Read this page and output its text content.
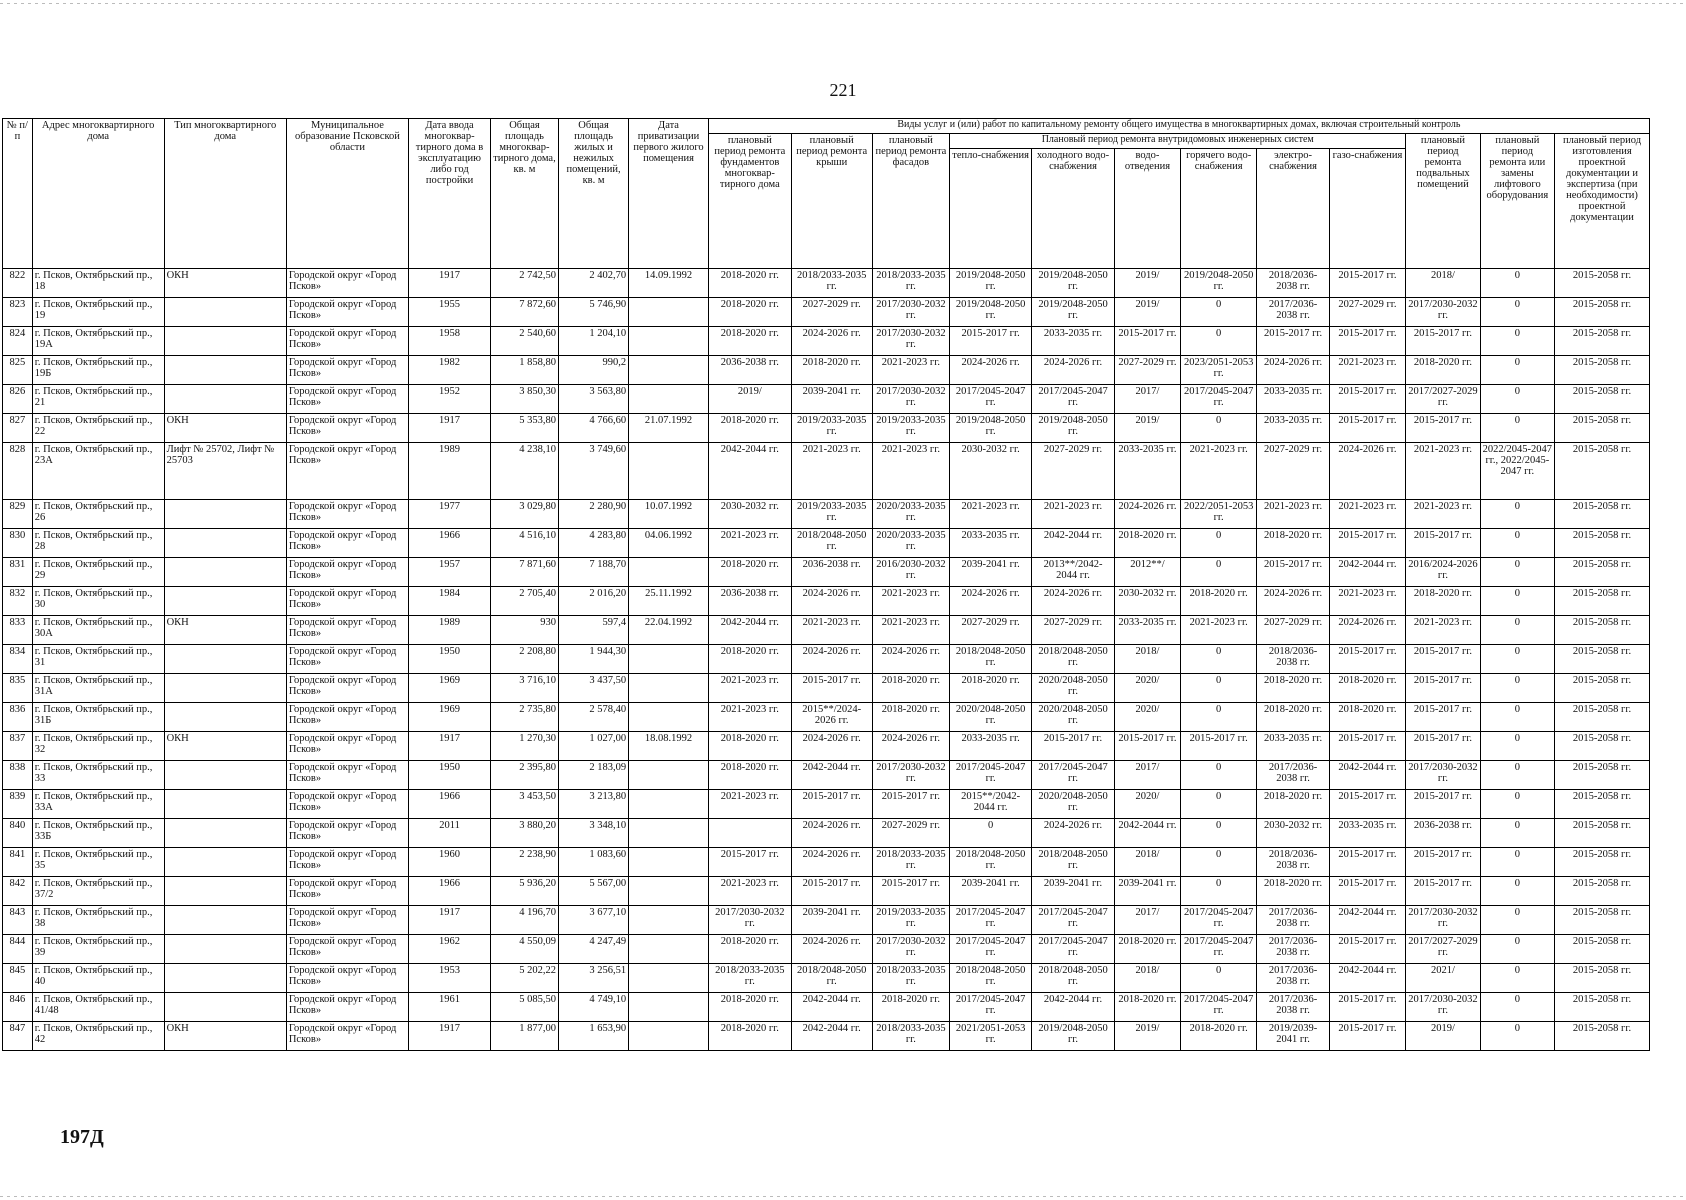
221
№ п/п	Адрес многоквартирного дома	Тип многоквартирного дома	Муниципальное образование Псковской области	Дата ввода многоквар-тирного дома в эксплуатацию либо год постройки	Общая площадь многоквар-тирного дома, кв. м	Общая площадь жилых и нежилых помещений, кв. м	Дата приватизации первого жилого помещения	Виды услуг и (или) работ по капитальному ремонту общего имущества в многоквартирных домах, включая строительный контроль											
								плановый период ремонта фундаментов многоквар-тирного дома	плановый период ремонта крыши	плановый период ремонта фасадов	Плановый период ремонта внутридомовых инженерных систем						плановый период ремонта подвальных помещений	плановый период ремонта или замены лифтового оборудования	плановый период изготовления проектной документации и экспертиза (при необходимости) проектной документации
											тепло-снабжения	холодного водо-снабжения	водо-отведения	горячего водо-снабжения	электро-снабжения	газо-снабжения			
822	г. Псков, Октябрьский пр., 18	ОКН	Городской округ «Город Псков»	1917	2 742,50	2 402,70	14.09.1992	2018-2020 гг.	2018/2033-2035 гг.	2018/2033-2035 гг.	2019/2048-2050 гг.	2019/2048-2050 гг.	2019/	2019/2048-2050 гг.	2018/2036-2038 гг.	2015-2017 гг.	2018/	0	2015-2058 гг.
823	г. Псков, Октябрьский пр., 19		Городской округ «Город Псков»	1955	7 872,60	5 746,90		2018-2020 гг.	2027-2029 гг.	2017/2030-2032 гг.	2019/2048-2050 гг.	2019/2048-2050 гг.	2019/	0	2017/2036-2038 гг.	2027-2029 гг.	2017/2030-2032 гг.	0	2015-2058 гг.
824	г. Псков, Октябрьский пр., 19А		Городской округ «Город Псков»	1958	2 540,60	1 204,10		2018-2020 гг.	2024-2026 гг.	2017/2030-2032 гг.	2015-2017 гг.	2033-2035 гг.	2015-2017 гг.	0	2015-2017 гг.	2015-2017 гг.	2015-2017 гг.	0	2015-2058 гг.
825	г. Псков, Октябрьский пр., 19Б		Городской округ «Город Псков»	1982	1 858,80	990,2		2036-2038 гг.	2018-2020 гг.	2021-2023 гг.	2024-2026 гг.	2024-2026 гг.	2027-2029 гг.	2023/2051-2053 гг.	2024-2026 гг.	2021-2023 гг.	2018-2020 гг.	0	2015-2058 гг.
826	г. Псков, Октябрьский пр., 21		Городской округ «Город Псков»	1952	3 850,30	3 563,80		2019/	2039-2041 гг.	2017/2030-2032 гг.	2017/2045-2047 гг.	2017/2045-2047 гг.	2017/	2017/2045-2047 гг.	2033-2035 гг.	2015-2017 гг.	2017/2027-2029 гг.	0	2015-2058 гг.
827	г. Псков, Октябрьский пр., 22	ОКН	Городской округ «Город Псков»	1917	5 353,80	4 766,60	21.07.1992	2018-2020 гг.	2019/2033-2035 гг.	2019/2033-2035 гг.	2019/2048-2050 гг.	2019/2048-2050 гг.	2019/	0	2033-2035 гг.	2015-2017 гг.	2015-2017 гг.	0	2015-2058 гг.
828	г. Псков, Октябрьский пр., 23А	Лифт № 25702, Лифт № 25703	Городской округ «Город Псков»	1989	4 238,10	3 749,60		2042-2044 гг.	2021-2023 гг.	2021-2023 гг.	2030-2032 гг.	2027-2029 гг.	2033-2035 гг.	2021-2023 гг.	2027-2029 гг.	2024-2026 гг.	2021-2023 гг.	2022/2045-2047 гг., 2022/2045-2047 гг.	2015-2058 гг.
829	г. Псков, Октябрьский пр., 26		Городской округ «Город Псков»	1977	3 029,80	2 280,90	10.07.1992	2030-2032 гг.	2019/2033-2035 гг.	2020/2033-2035 гг.	2021-2023 гг.	2021-2023 гг.	2024-2026 гг.	2022/2051-2053 гг.	2021-2023 гг.	2021-2023 гг.	2021-2023 гг.	0	2015-2058 гг.
830	г. Псков, Октябрьский пр., 28		Городской округ «Город Псков»	1966	4 516,10	4 283,80	04.06.1992	2021-2023 гг.	2018/2048-2050 гг.	2020/2033-2035 гг.	2033-2035 гг.	2042-2044 гг.	2018-2020 гг.	0	2018-2020 гг.	2015-2017 гг.	2015-2017 гг.	0	2015-2058 гг.
831	г. Псков, Октябрьский пр., 29		Городской округ «Город Псков»	1957	7 871,60	7 188,70		2018-2020 гг.	2036-2038 гг.	2016/2030-2032 гг.	2039-2041 гг.	2013**/2042-2044 гг.	2012**/	0	2015-2017 гг.	2042-2044 гг.	2016/2024-2026 гг.	0	2015-2058 гг.
832	г. Псков, Октябрьский пр., 30		Городской округ «Город Псков»	1984	2 705,40	2 016,20	25.11.1992	2036-2038 гг.	2024-2026 гг.	2021-2023 гг.	2024-2026 гг.	2024-2026 гг.	2030-2032 гг.	2018-2020 гг.	2024-2026 гг.	2021-2023 гг.	2018-2020 гг.	0	2015-2058 гг.
833	г. Псков, Октябрьский пр., 30А	ОКН	Городской округ «Город Псков»	1989	930	597,4	22.04.1992	2042-2044 гг.	2021-2023 гг.	2021-2023 гг.	2027-2029 гг.	2027-2029 гг.	2033-2035 гг.	2021-2023 гг.	2027-2029 гг.	2024-2026 гг.	2021-2023 гг.	0	2015-2058 гг.
834	г. Псков, Октябрьский пр., 31		Городской округ «Город Псков»	1950	2 208,80	1 944,30		2018-2020 гг.	2024-2026 гг.	2024-2026 гг.	2018/2048-2050 гг.	2018/2048-2050 гг.	2018/	0	2018/2036-2038 гг.	2015-2017 гг.	2015-2017 гг.	0	2015-2058 гг.
835	г. Псков, Октябрьский пр., 31А		Городской округ «Город Псков»	1969	3 716,10	3 437,50		2021-2023 гг.	2015-2017 гг.	2018-2020 гг.	2018-2020 гг.	2020/2048-2050 гг.	2020/	0	2018-2020 гг.	2018-2020 гг.	2015-2017 гг.	0	2015-2058 гг.
836	г. Псков, Октябрьский пр., 31Б		Городской округ «Город Псков»	1969	2 735,80	2 578,40		2021-2023 гг.	2015**/2024-2026 гг.	2018-2020 гг.	2020/2048-2050 гг.	2020/2048-2050 гг.	2020/	0	2018-2020 гг.	2018-2020 гг.	2015-2017 гг.	0	2015-2058 гг.
837	г. Псков, Октябрьский пр., 32	ОКН	Городской округ «Город Псков»	1917	1 270,30	1 027,00	18.08.1992	2018-2020 гг.	2024-2026 гг.	2024-2026 гг.	2033-2035 гг.	2015-2017 гг.	2015-2017 гг.	2015-2017 гг.	2033-2035 гг.	2015-2017 гг.	2015-2017 гг.	0	2015-2058 гг.
838	г. Псков, Октябрьский пр., 33		Городской округ «Город Псков»	1950	2 395,80	2 183,09		2018-2020 гг.	2042-2044 гг.	2017/2030-2032 гг.	2017/2045-2047 гг.	2017/2045-2047 гг.	2017/	0	2017/2036-2038 гг.	2042-2044 гг.	2017/2030-2032 гг.	0	2015-2058 гг.
839	г. Псков, Октябрьский пр., 33А		Городской округ «Город Псков»	1966	3 453,50	3 213,80		2021-2023 гг.	2015-2017 гг.	2015-2017 гг.	2015**/2042-2044 гг.	2020/2048-2050 гг.	2020/	0	2018-2020 гг.	2015-2017 гг.	2015-2017 гг.	0	2015-2058 гг.
840	г. Псков, Октябрьский пр., 33Б		Городской округ «Город Псков»	2011	3 880,20	3 348,10			2024-2026 гг.	2027-2029 гг.	0	2024-2026 гг.	2042-2044 гг.	0	2030-2032 гг.	2033-2035 гг.	2036-2038 гг.	0	2015-2058 гг.
841	г. Псков, Октябрьский пр., 35		Городской округ «Город Псков»	1960	2 238,90	1 083,60		2015-2017 гг.	2024-2026 гг.	2018/2033-2035 гг.	2018/2048-2050 гг.	2018/2048-2050 гг.	2018/	0	2018/2036-2038 гг.	2015-2017 гг.	2015-2017 гг.	0	2015-2058 гг.
842	г. Псков, Октябрьский пр., 37/2		Городской округ «Город Псков»	1966	5 936,20	5 567,00		2021-2023 гг.	2015-2017 гг.	2015-2017 гг.	2039-2041 гг.	2039-2041 гг.	2039-2041 гг.	0	2018-2020 гг.	2015-2017 гг.	2015-2017 гг.	0	2015-2058 гг.
843	г. Псков, Октябрьский пр., 38		Городской округ «Город Псков»	1917	4 196,70	3 677,10		2017/2030-2032 гг.	2039-2041 гг.	2019/2033-2035 гг.	2017/2045-2047 гг.	2017/2045-2047 гг.	2017/	2017/2045-2047 гг.	2017/2036-2038 гг.	2042-2044 гг.	2017/2030-2032 гг.	0	2015-2058 гг.
844	г. Псков, Октябрьский пр., 39		Городской округ «Город Псков»	1962	4 550,09	4 247,49		2018-2020 гг.	2024-2026 гг.	2017/2030-2032 гг.	2017/2045-2047 гг.	2017/2045-2047 гг.	2018-2020 гг.	2017/2045-2047 гг.	2017/2036-2038 гг.	2015-2017 гг.	2017/2027-2029 гг.	0	2015-2058 гг.
845	г. Псков, Октябрьский пр., 40		Городской округ «Город Псков»	1953	5 202,22	3 256,51		2018/2033-2035 гг.	2018/2048-2050 гг.	2018/2033-2035 гг.	2018/2048-2050 гг.	2018/2048-2050 гг.	2018/	0	2017/2036-2038 гг.	2042-2044 гг.	2021/	0	2015-2058 гг.
846	г. Псков, Октябрьский пр., 41/48		Городской округ «Город Псков»	1961	5 085,50	4 749,10		2018-2020 гг.	2042-2044 гг.	2018-2020 гг.	2017/2045-2047 гг.	2042-2044 гг.	2018-2020 гг.	2017/2045-2047 гг.	2017/2036-2038 гг.	2015-2017 гг.	2017/2030-2032 гг.	0	2015-2058 гг.
847	г. Псков, Октябрьский пр., 42	ОКН	Городской округ «Город Псков»	1917	1 877,00	1 653,90		2018-2020 гг.	2042-2044 гг.	2018/2033-2035 гг.	2021/2051-2053 гг.	2019/2048-2050 гг.	2019/	2018-2020 гг.	2019/2039-2041 гг.	2015-2017 гг.	2019/	0	2015-2058 гг.
197Д
